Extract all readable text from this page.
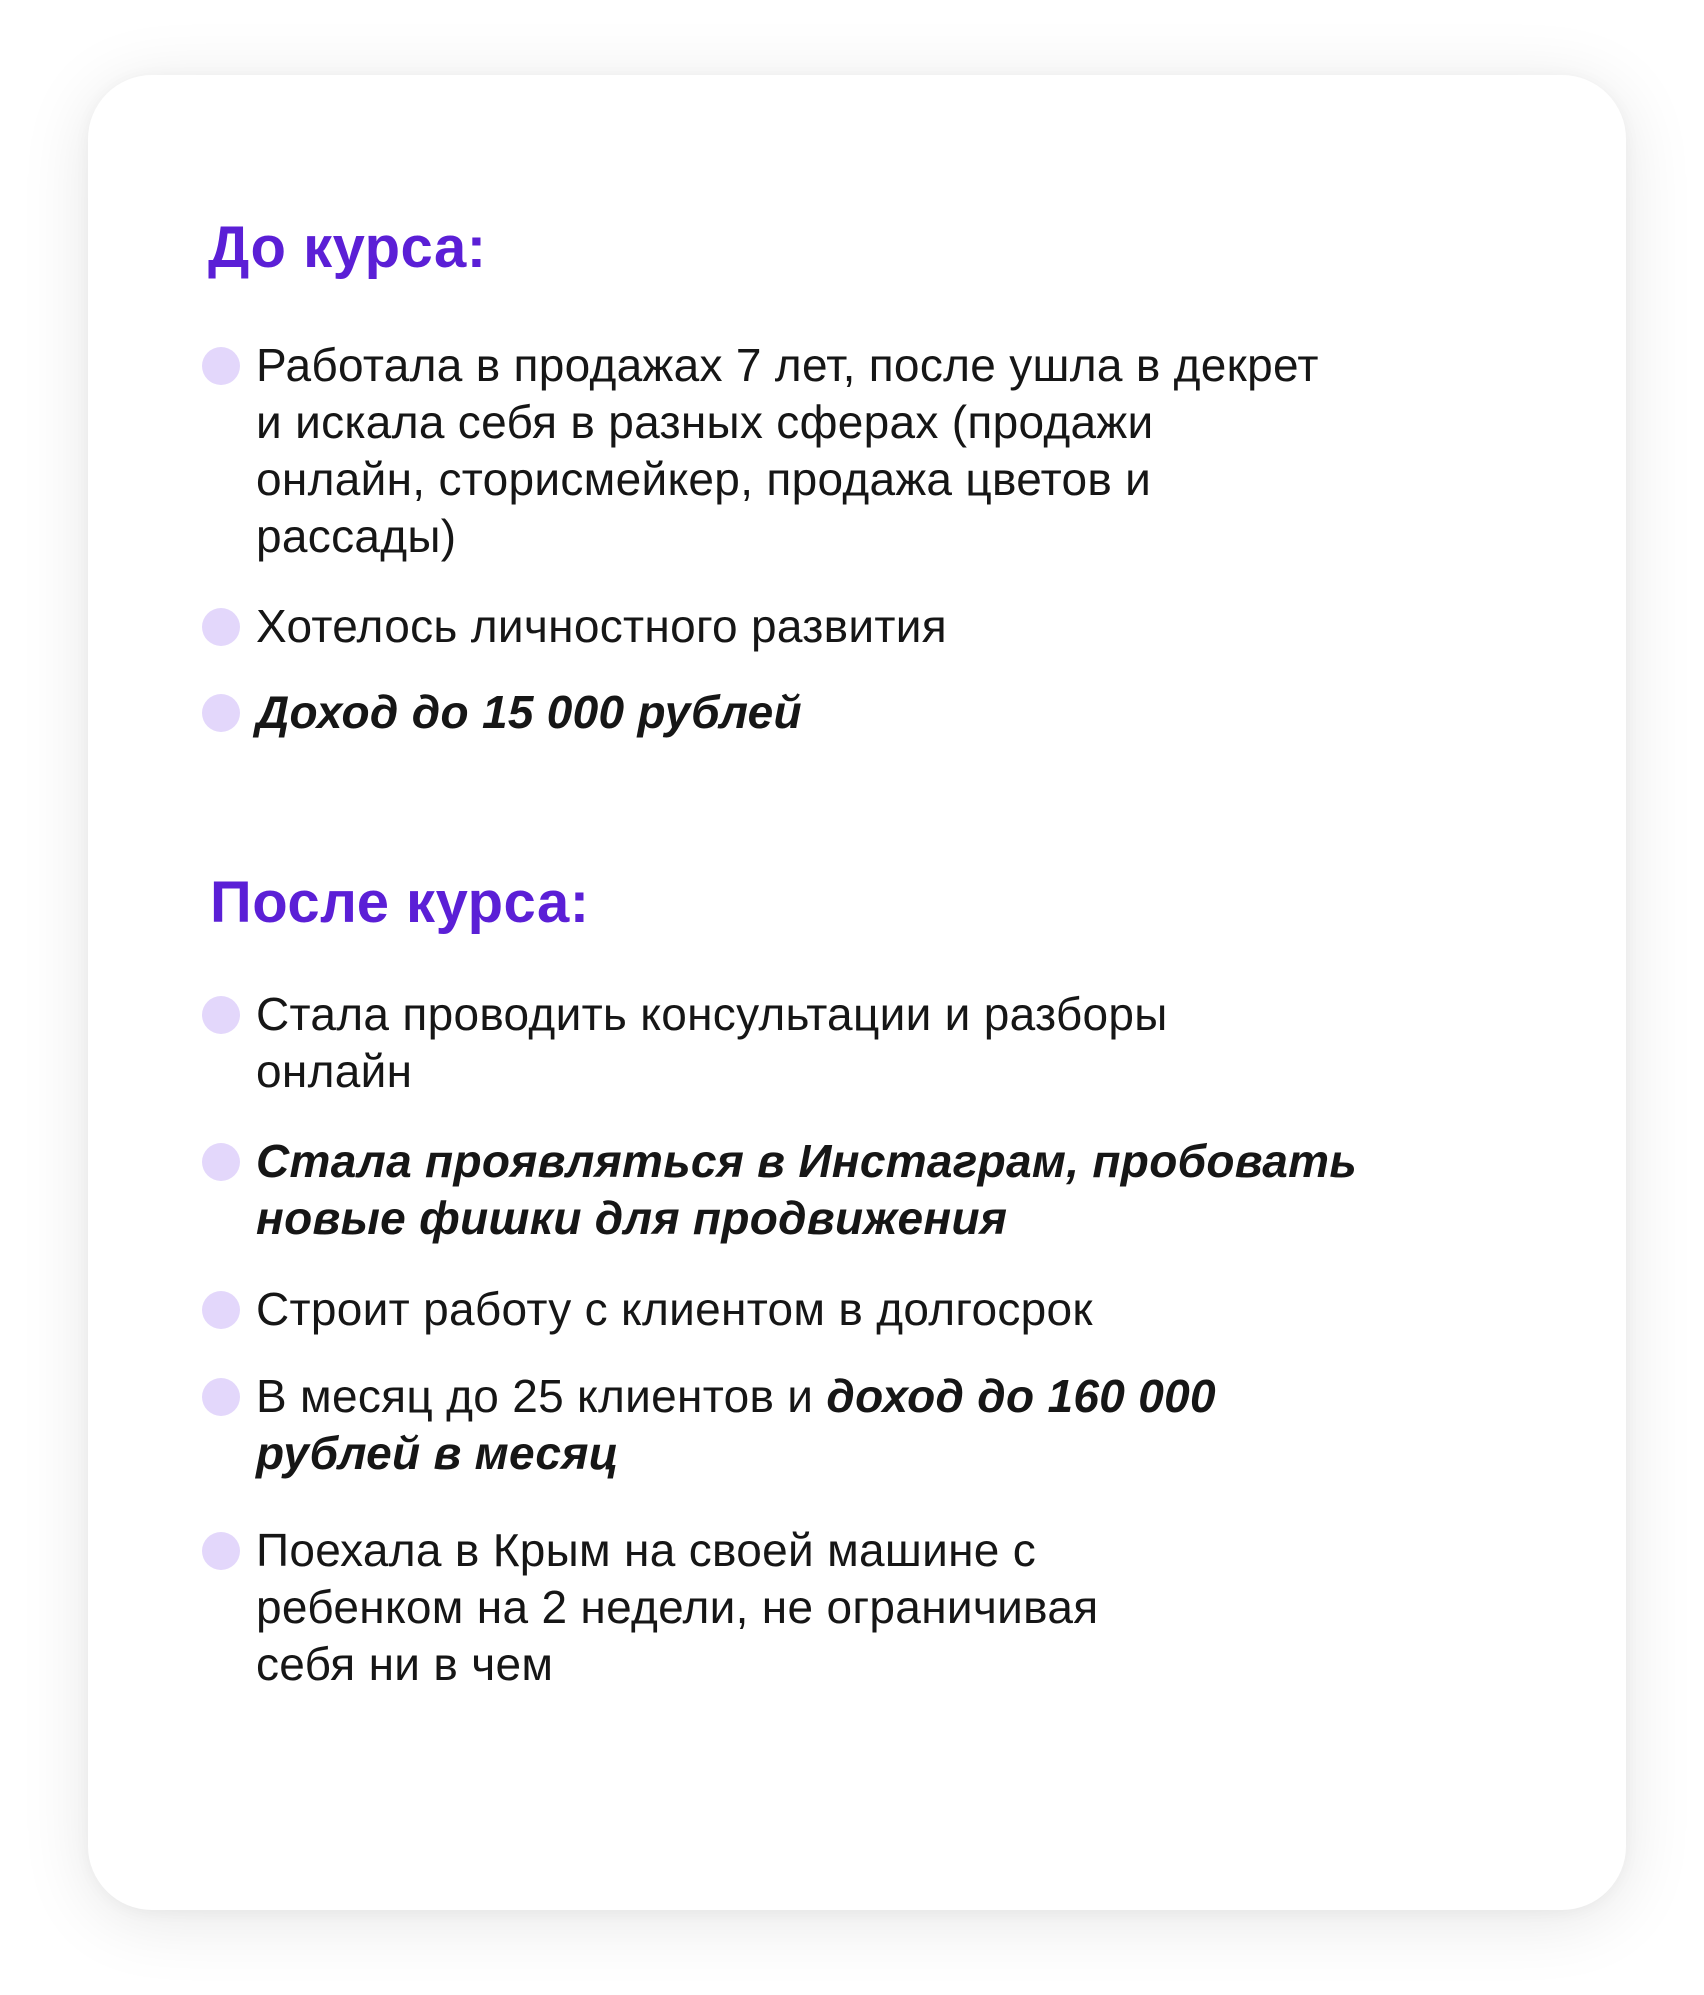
До курса:

Работала в продажах 7 лет, после ушла в декрет
и искала себя в разных сферах (продажи
онлайн, сторисмейкер, продажа цветов и
рассады)

Хотелось личностного развития

Доход до 15 000 рублей

После курса:

Стала проводить консультации и разборы
онлайн

Стала проявляться в Инстаграм, пробовать
новые фишки для продвижения

Строит работу с клиентом в долгосрок

В месяц до 25 клиентов и доход до 160 000
рублей в месяц

Поехала в Крым на своей машине с
ребенком на 2 недели, не ограничивая
себя ни в чем
